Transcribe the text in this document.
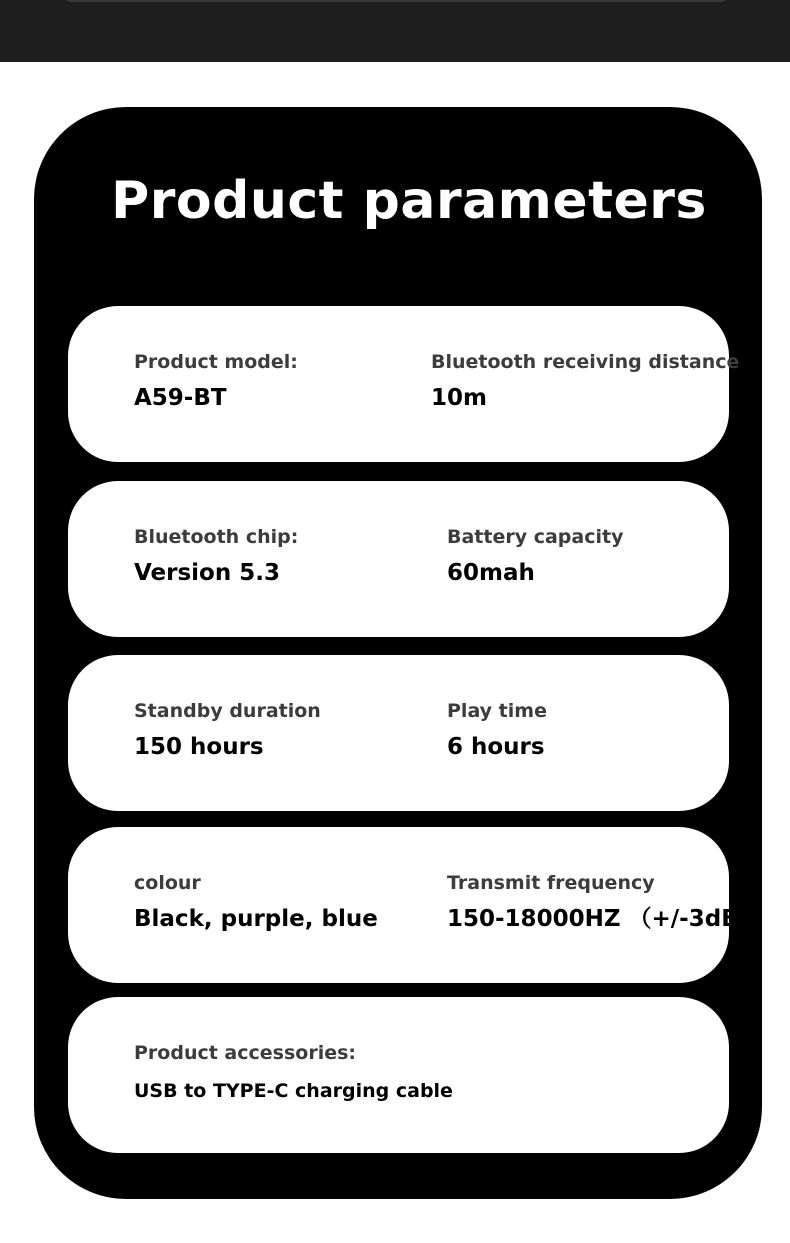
Product parameters
Product model:
A59-BT
Bluetooth receiving distance
10m
Bluetooth chip:
Version 5.3
Battery capacity
60mah
Standby duration
150 hours
Play time
6 hours
colour
Black, purple, blue
Transmit frequency
150-18000HZ （+/-3dB)
Product accessories:
USB to TYPE-C charging cable
